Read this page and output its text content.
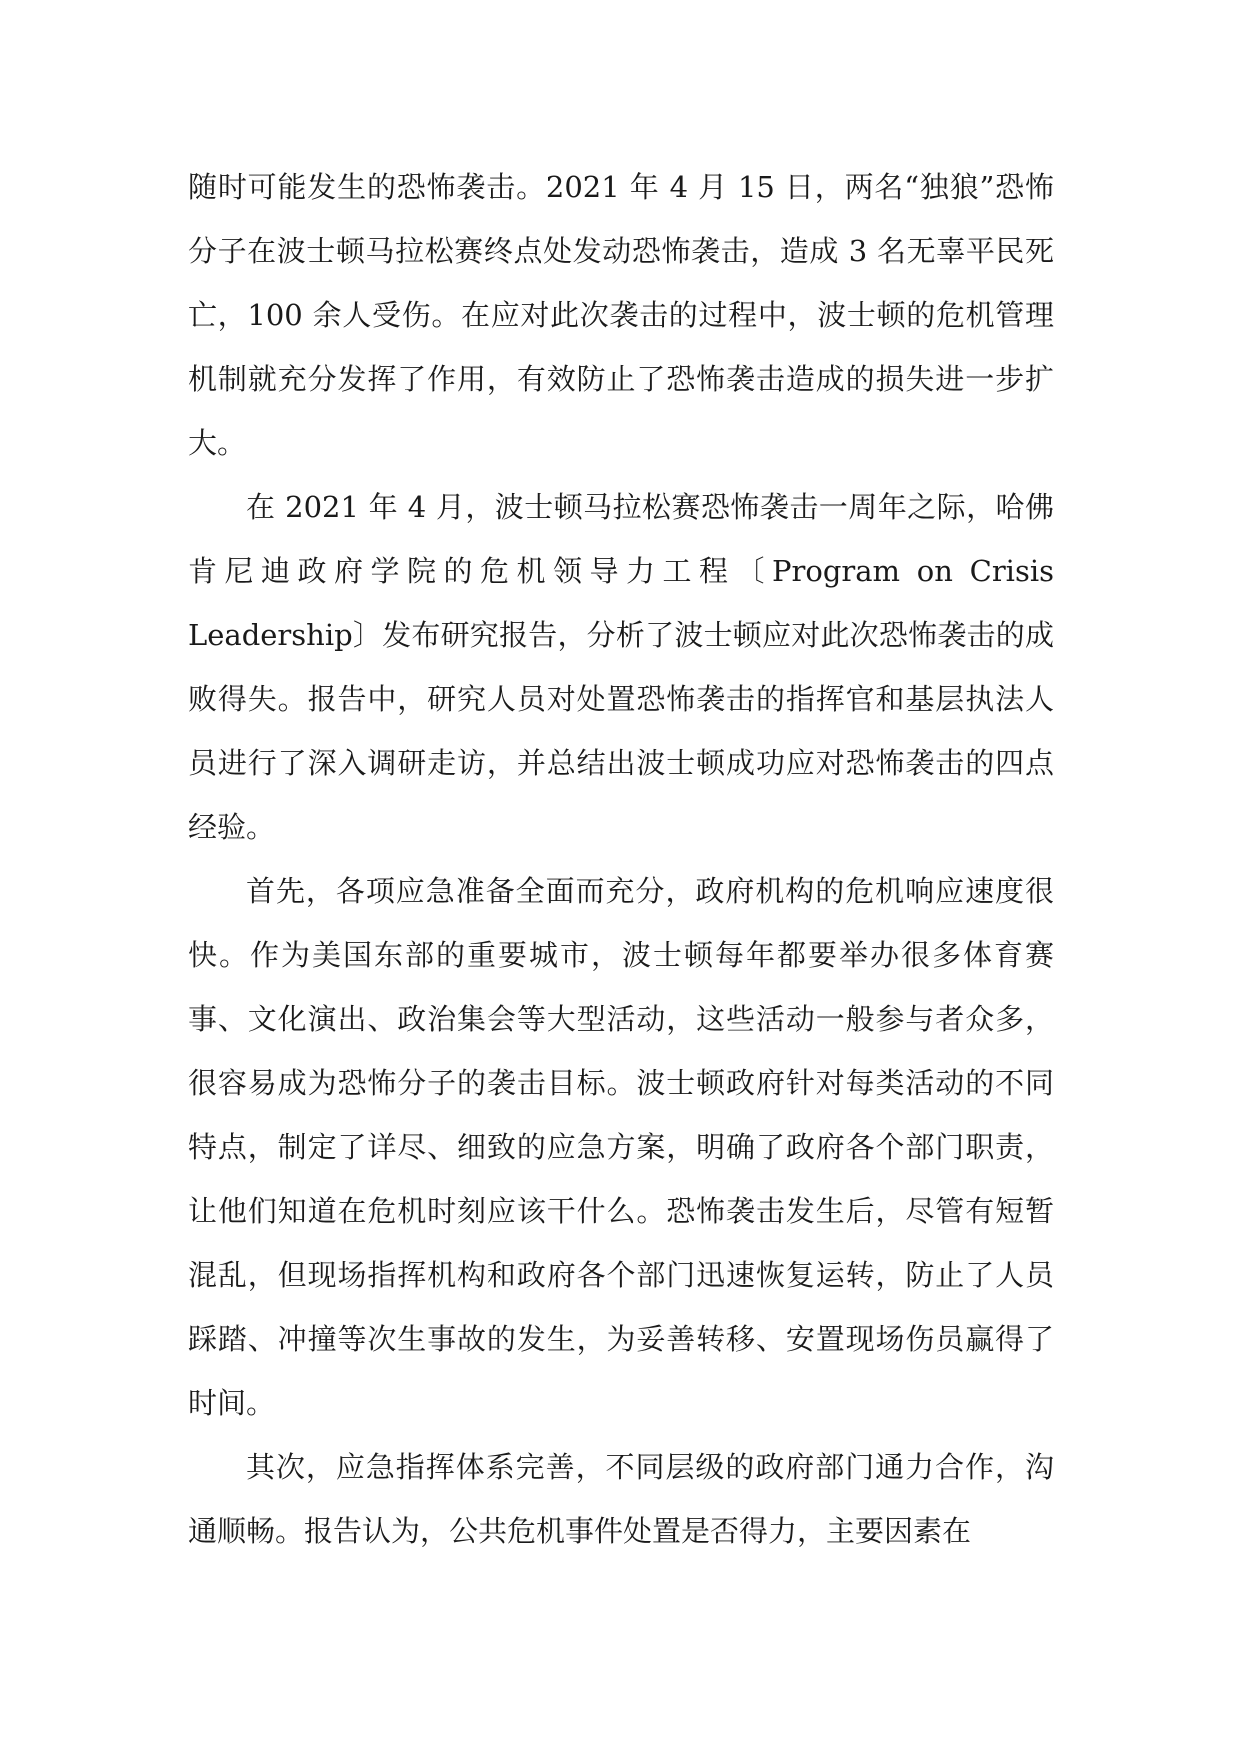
随时可能发生的恐怖袭击。2021 年 4 月 15 日，两名“独狼”恐怖分子在波士顿马拉松赛终点处发动恐怖袭击，造成 3 名无辜平民死亡，100 余人受伤。在应对此次袭击的过程中，波士顿的危机管理机制就充分发挥了作用，有效防止了恐怖袭击造成的损失进一步扩大。

在 2021 年 4 月，波士顿马拉松赛恐怖袭击一周年之际，哈佛肯尼迪政府学院的危机领导力工程〔Program on Crisis Leadership〕发布研究报告，分析了波士顿应对此次恐怖袭击的成败得失。报告中，研究人员对处置恐怖袭击的指挥官和基层执法人员进行了深入调研走访，并总结出波士顿成功应对恐怖袭击的四点经验。

首先，各项应急准备全面而充分，政府机构的危机响应速度很快。作为美国东部的重要城市，波士顿每年都要举办很多体育赛事、文化演出、政治集会等大型活动，这些活动一般参与者众多，很容易成为恐怖分子的袭击目标。波士顿政府针对每类活动的不同特点，制定了详尽、细致的应急方案，明确了政府各个部门职责，让他们知道在危机时刻应该干什么。恐怖袭击发生后，尽管有短暂混乱，但现场指挥机构和政府各个部门迅速恢复运转，防止了人员踩踏、冲撞等次生事故的发生，为妥善转移、安置现场伤员赢得了时间。

其次，应急指挥体系完善，不同层级的政府部门通力合作，沟通顺畅。报告认为，公共危机事件处置是否得力，主要因素在
